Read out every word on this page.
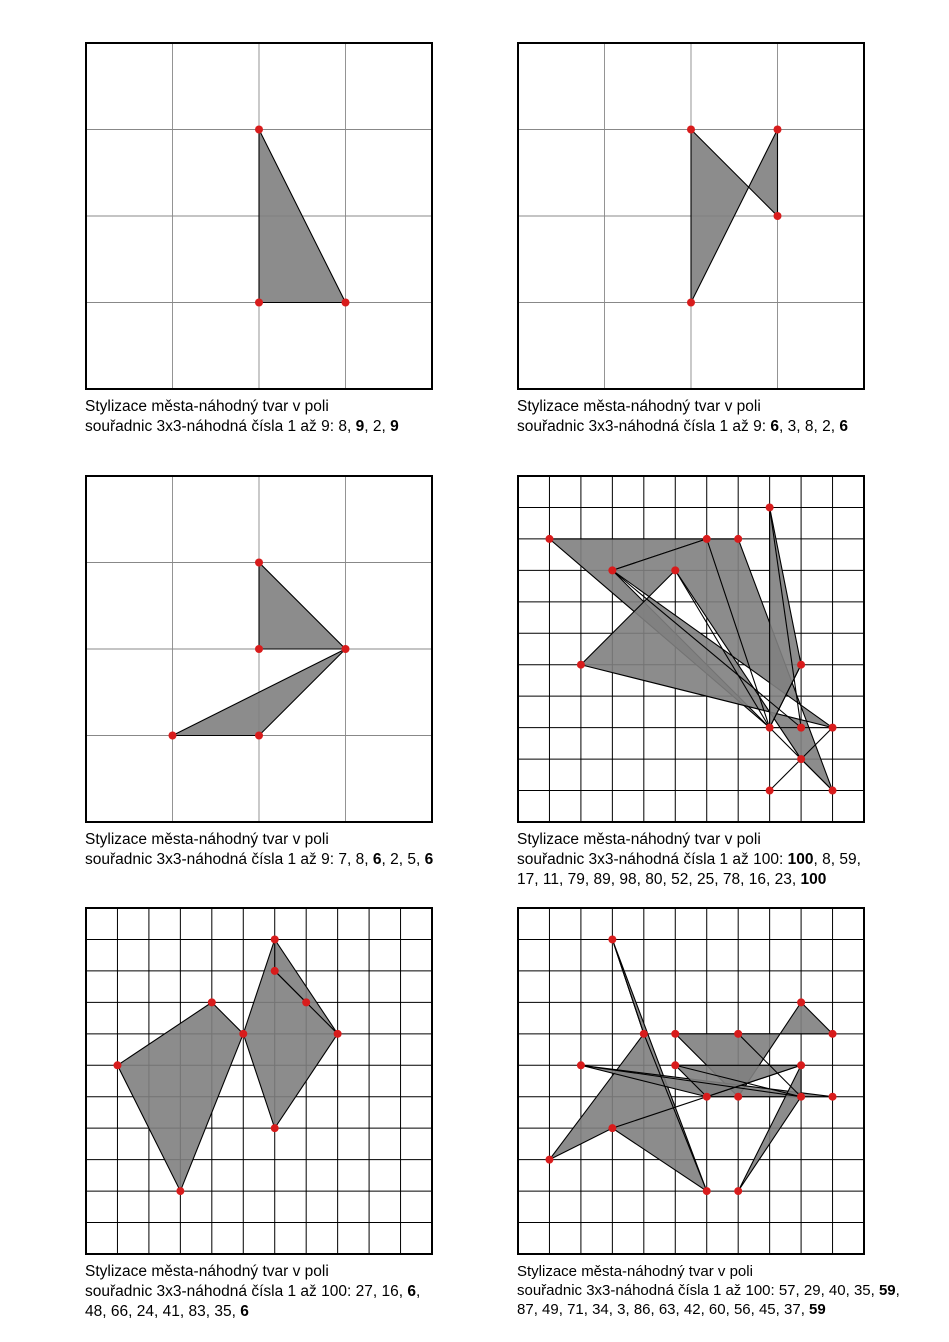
Stylizace města-náhodný tvar v poli
souřadnic 3x3-náhodná čísla 1 až 9: 8, 9, 2, 9
Stylizace města-náhodný tvar v poli
souřadnic 3x3-náhodná čísla 1 až 9: 6, 3, 8, 2, 6
Stylizace města-náhodný tvar v poli
souřadnic 3x3-náhodná čísla 1 až 9: 7, 8, 6, 2, 5, 6
Stylizace města-náhodný tvar v poli
souřadnic 3x3-náhodná čísla 1 až 100: 100, 8, 59, 17, 11, 79, 89, 98, 80, 52, 25, 78, 16, 23, 100
Stylizace města-náhodný tvar v poli
souřadnic 3x3-náhodná čísla 1 až 100: 27, 16, 6, 48, 66, 24, 41, 83, 35, 6
Stylizace města-náhodný tvar v poli
souřadnic 3x3-náhodná čísla 1 až 100: 57, 29, 40, 35, 59, 87, 49, 71, 34, 3, 86, 63, 42, 60, 56, 45, 37, 59
